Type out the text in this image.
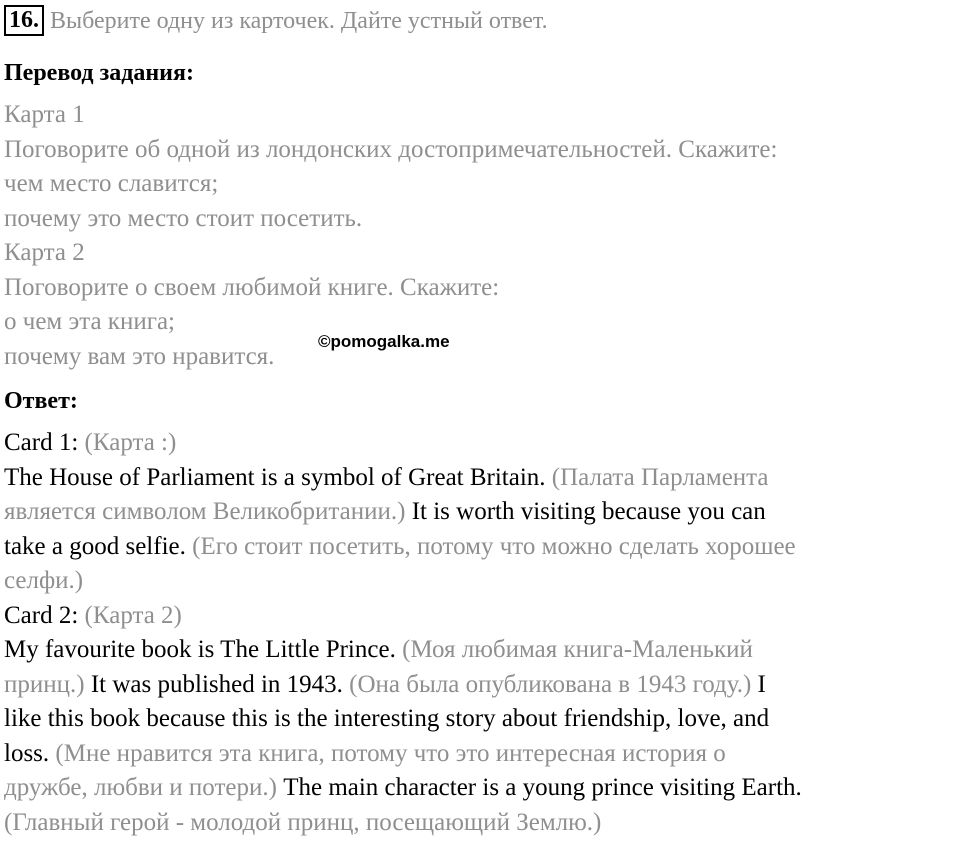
16. Выберите одну из карточек. Дайте устный ответ.
Перевод задания:
Карта 1
Поговорите об одной из лондонских достопримечательностей. Скажите:
чем место славится;
почему это место стоит посетить.
Карта 2
Поговорите о своем любимой книге. Скажите:
о чем эта книга;
почему вам это нравится.
Ответ:
Card 1: (Карта :)
The House of Parliament is a symbol of Great Britain. (Палата Парламента
является символом Великобритании.) It is worth visiting because you can
take a good selfie. (Его стоит посетить, потому что можно сделать хорошее
селфи.)
Card 2: (Карта 2)
My favourite book is The Little Prince. (Моя любимая книга-Маленький
принц.) It was published in 1943. (Она была опубликована в 1943 году.) I
like this book because this is the interesting story about friendship, love, and
loss. (Мне нравится эта книга, потому что это интересная история о
дружбе, любви и потери.) The main character is a young prince visiting Earth.
(Главный герой - молодой принц, посещающий Землю.)
©pomogalka.me
